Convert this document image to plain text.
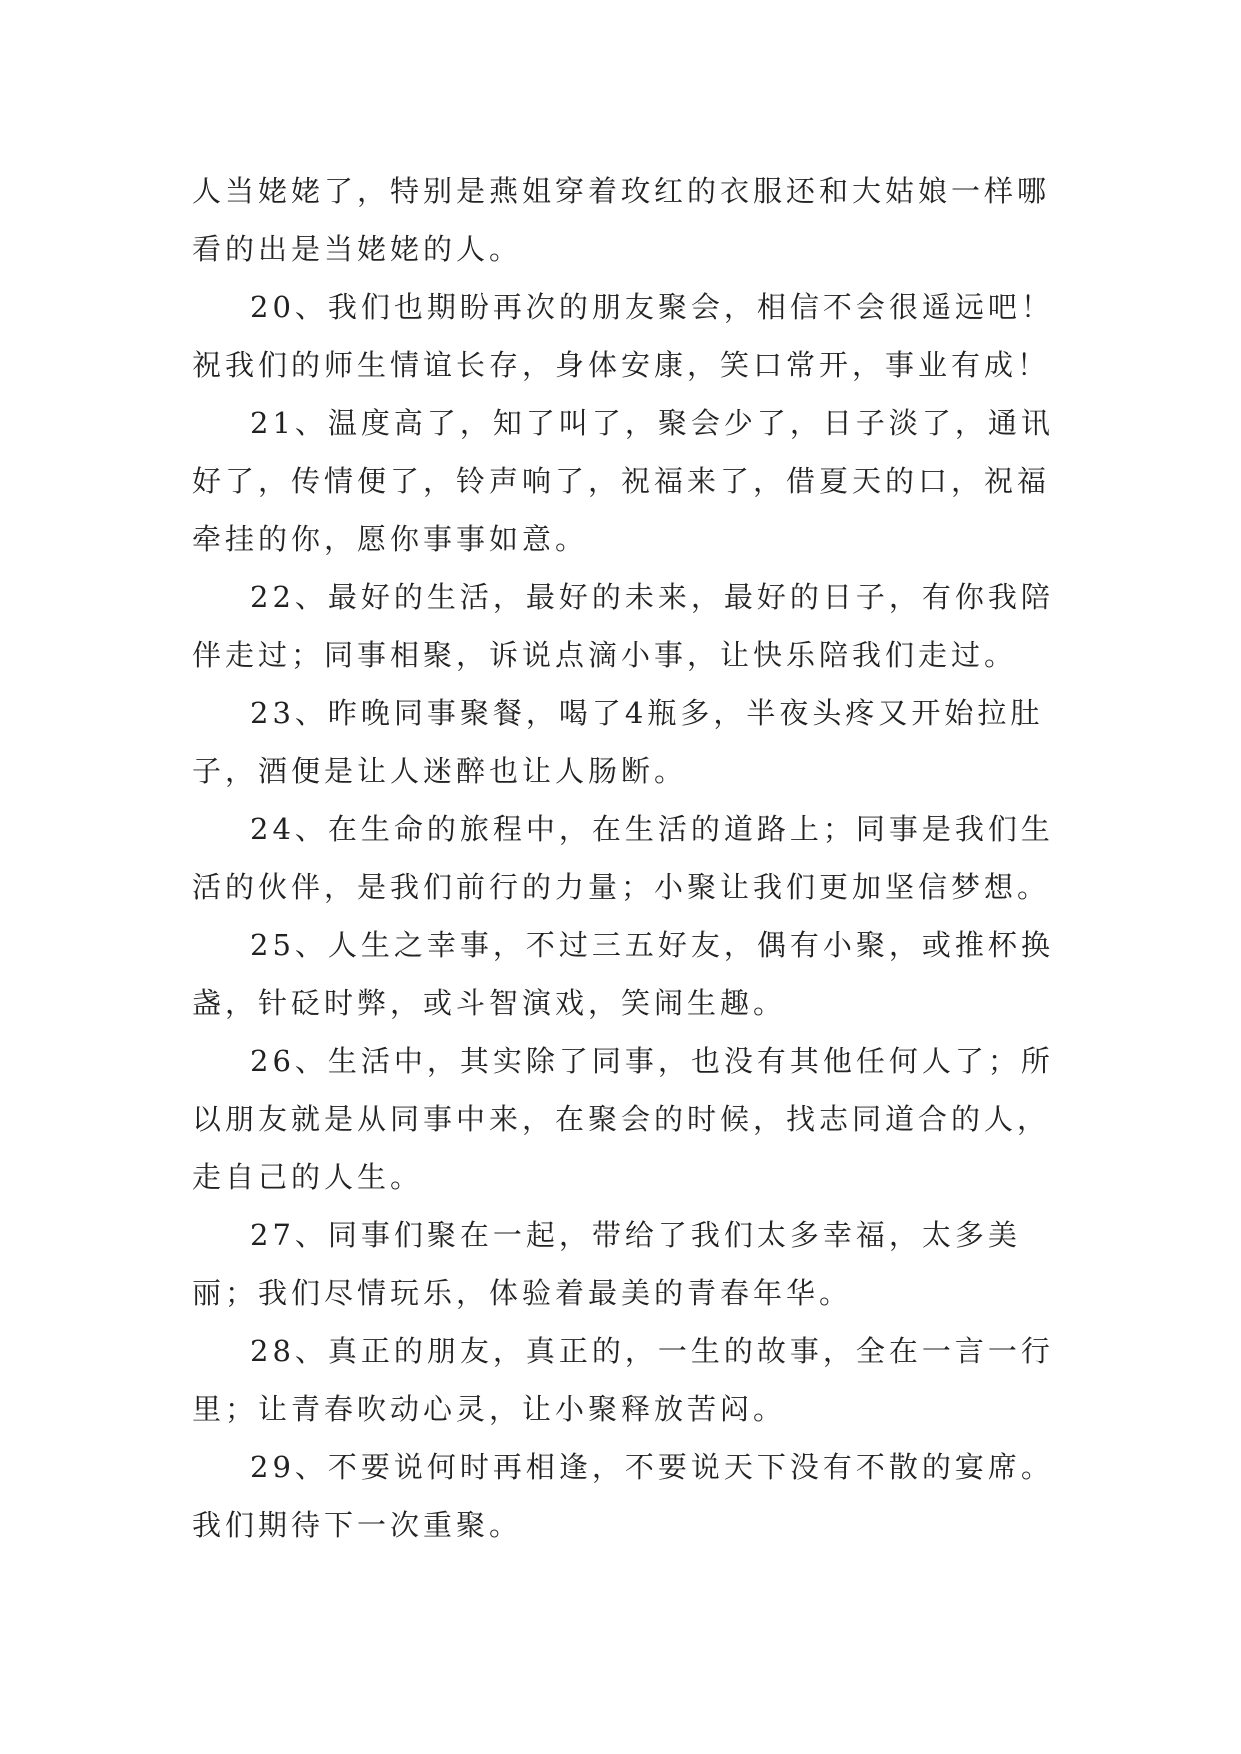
人当姥姥了，特别是燕姐穿着玫红的衣服还和大姑娘一样哪看的出是当姥姥的人。

20、我们也期盼再次的朋友聚会，相信不会很遥远吧！祝我们的师生情谊长存，身体安康，笑口常开，事业有成！

21、温度高了，知了叫了，聚会少了，日子淡了，通讯好了，传情便了，铃声响了，祝福来了，借夏天的口，祝福牵挂的你，愿你事事如意。

22、最好的生活，最好的未来，最好的日子，有你我陪伴走过；同事相聚，诉说点滴小事，让快乐陪我们走过。

23、昨晚同事聚餐，喝了4瓶多，半夜头疼又开始拉肚子，酒便是让人迷醉也让人肠断。

24、在生命的旅程中，在生活的道路上；同事是我们生活的伙伴，是我们前行的力量；小聚让我们更加坚信梦想。

25、人生之幸事，不过三五好友，偶有小聚，或推杯换盏，针砭时弊，或斗智演戏，笑闹生趣。

26、生活中，其实除了同事，也没有其他任何人了；所以朋友就是从同事中来，在聚会的时候，找志同道合的人，走自己的人生。

27、同事们聚在一起，带给了我们太多幸福，太多美丽；我们尽情玩乐，体验着最美的青春年华。

28、真正的朋友，真正的，一生的故事，全在一言一行里；让青春吹动心灵，让小聚释放苦闷。

29、不要说何时再相逢，不要说天下没有不散的宴席。我们期待下一次重聚。
